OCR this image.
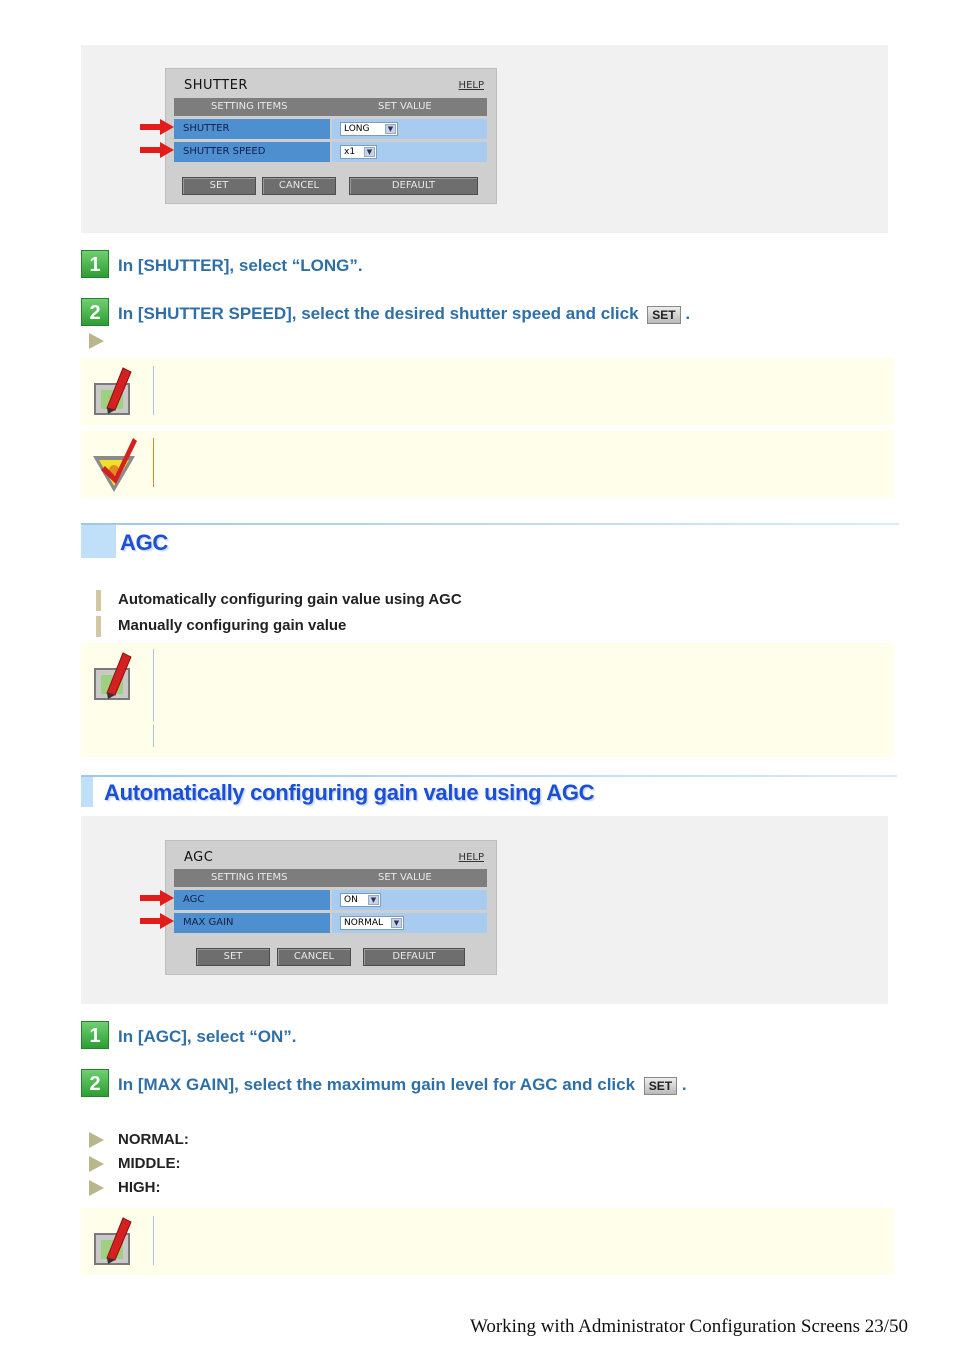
SHUTTER	HELP
SETTING ITEMS	SET VALUE
SHUTTER	LONG	▼
SHUTTER SPEED	x1	▼
SET	CANCEL	DEFAULT
1	In [SHUTTER], select “LONG”.
2	In [SHUTTER SPEED], select the desired shutter speed and click SET .
AGC
Automatically configuring gain value using AGC
Manually configuring gain value
Automatically configuring gain value using AGC
AGC	HELP
SETTING ITEMS	SET VALUE
AGC	ON	▼
MAX GAIN	NORMAL	▼
SET	CANCEL	DEFAULT
1	In [AGC], select “ON”.
2	In [MAX GAIN], select the maximum gain level for AGC and click SET .
NORMAL:
MIDDLE:
HIGH:
Working with Administrator Configuration Screens 23/50
